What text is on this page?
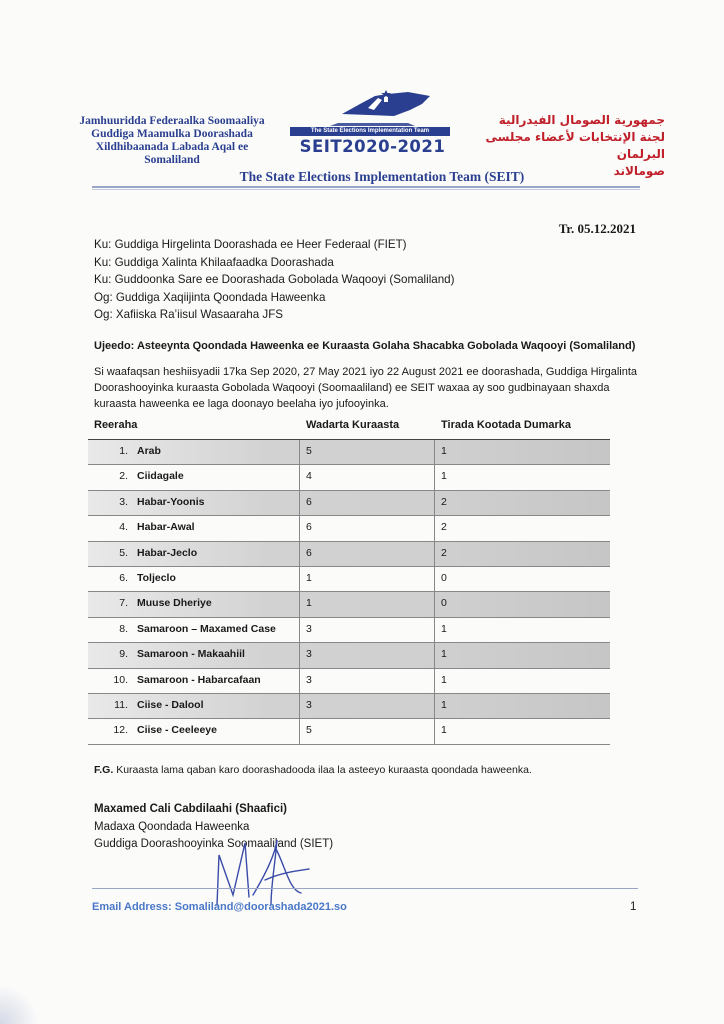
Jamhuuridda Federaalka Soomaaliya
Guddiga Maamulka Doorashada
Xildhibaanada Labada Aqal ee
Somaliland
The State Elections Implementation Team
SEIT2020-2021
جمهورية الصومال الفيدرالية
لجنة الإنتخابات لأعضاء مجلسى البرلمان
صومالاند
The State Elections Implementation Team (SEIT)
Tr. 05.12.2021
Ku: Guddiga Hirgelinta Doorashada ee Heer Federaal (FIET)
Ku: Guddiga Xalinta Khilaafaadka Doorashada
Ku: Guddoonka Sare ee Doorashada Gobolada Waqooyi (Somaliland)
Og: Guddiga Xaqiijinta Qoondada Haweenka
Og: Xafiiska Ra’iisul Wasaaraha JFS
Ujeedo: Asteeynta Qoondada Haweenka ee Kuraasta Golaha Shacabka Gobolada Waqooyi (Somaliland)
Si waafaqsan heshiisyadii 17ka Sep 2020, 27 May 2021 iyo 22 August 2021 ee doorashada, Guddiga Hirgalinta Doorashooyinka kuraasta Gobolada Waqooyi (Soomaaliland) ee SEIT waxaa ay soo gudbinayaan shaxda kuraasta haweenka ee laga doonayo beelaha iyo jufooyinka.
Reeraha	Wadarta Kuraasta	Tirada Kootada Dumarka
1. Arab	5	1
2. Ciidagale	4	1
3. Habar-Yoonis	6	2
4. Habar-Awal	6	2
5. Habar-Jeclo	6	2
6. Toljeclo	1	0
7. Muuse Dheriye	1	0
8. Samaroon – Maxamed Case	3	1
9. Samaroon - Makaahiil	3	1
10. Samaroon - Habarcafaan	3	1
11. Ciise - Dalool	3	1
12. Ciise - Ceeleeye	5	1
F.G. Kuraasta lama qaban karo doorashadooda ilaa la asteeyo kuraasta qoondada haweenka.
Maxamed Cali Cabdilaahi (Shaafici)
Madaxa Qoondada Haweenka
Guddiga Doorashooyinka Soomaaliland (SIET)
Email Address: Somaliland@doorashada2021.so	1
